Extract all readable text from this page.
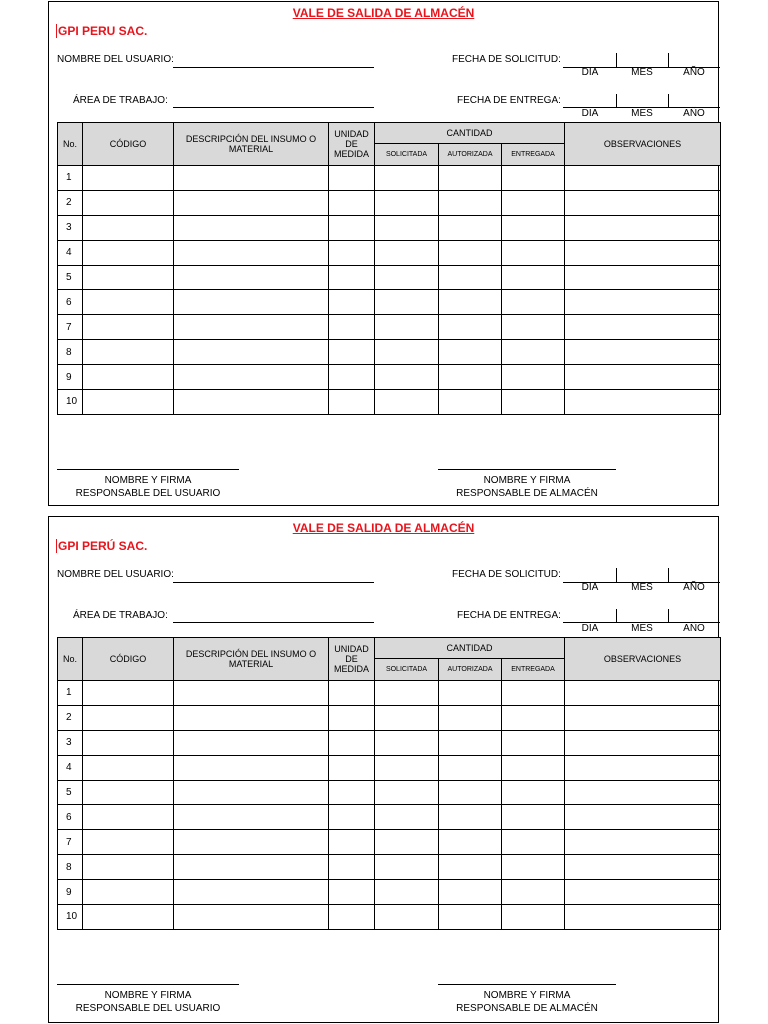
VALE DE SALIDA DE ALMACÉN
GPI PERU SAC.
NOMBRE DEL USUARIO:	FECHA DE SOLICITUD:
DIA	MES	AÑO
ÁREA DE TRABAJO:	FECHA DE ENTREGA:
DIA	MES	AÑO
No.	CÓDIGO	DESCRIPCIÓN DEL INSUMO O MATERIAL	UNIDAD DE MEDIDA	CANTIDAD			OBSERVACIONES
				SOLICITADA	AUTORIZADA	ENTREGADA	
1							
2							
3							
4							
5							
6							
7							
8							
9							
10							
NOMBRE Y FIRMA
RESPONSABLE DEL USUARIO
NOMBRE Y FIRMA
RESPONSABLE DE ALMACÉN
VALE DE SALIDA DE ALMACÉN
GPI PERÚ SAC.
NOMBRE DEL USUARIO:	FECHA DE SOLICITUD:
DIA	MES	AÑO
ÁREA DE TRABAJO:	FECHA DE ENTREGA:
DIA	MES	AÑO
No.	CÓDIGO	DESCRIPCIÓN DEL INSUMO O MATERIAL	UNIDAD DE MEDIDA	CANTIDAD			OBSERVACIONES
				SOLICITADA	AUTORIZADA	ENTREGADA	
1							
2							
3							
4							
5							
6							
7							
8							
9							
10							
NOMBRE Y FIRMA
RESPONSABLE DEL USUARIO
NOMBRE Y FIRMA
RESPONSABLE DE ALMACÉN
